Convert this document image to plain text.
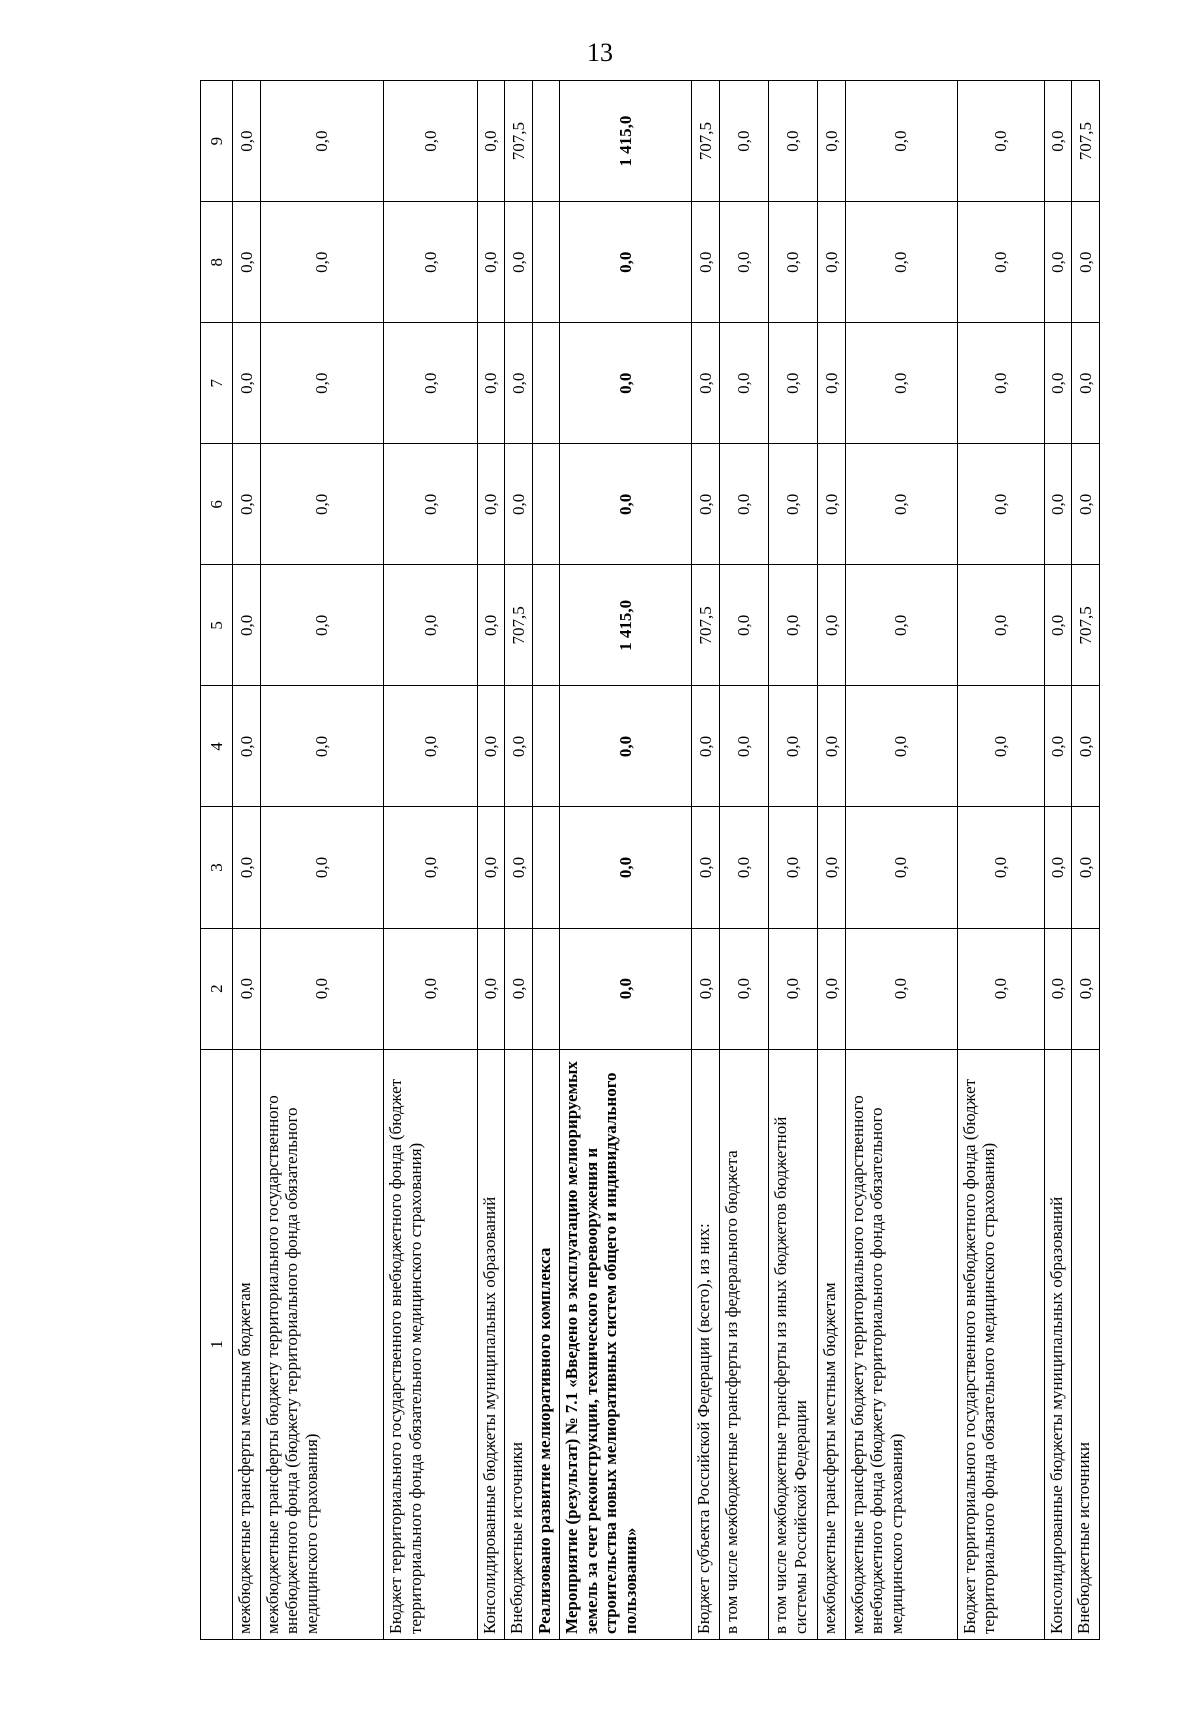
13
1	2	3	4	5	6	7	8	9
межбюджетные трансферты местным бюджетам	0,0	0,0	0,0	0,0	0,0	0,0	0,0	0,0
межбюджетные трансферты бюджету территориального государственного внебюджетного фонда (бюджету территориального фонда обязательного медицинского страхования)	0,0	0,0	0,0	0,0	0,0	0,0	0,0	0,0
Бюджет территориального государственного внебюджетного фонда (бюджет территориального фонда обязательного медицинского страхования)	0,0	0,0	0,0	0,0	0,0	0,0	0,0	0,0
Консолидированные бюджеты муниципальных образований	0,0	0,0	0,0	0,0	0,0	0,0	0,0	0,0
Внебюджетные источники	0,0	0,0	0,0	707,5	0,0	0,0	0,0	707,5
Реализовано развитие мелиоративного комплекса								
Мероприятие (результат) № 7.1 «Введено в эксплуатацию мелиорируемых земель за счет реконструкции, технического перевооружения и строительства новых мелиоративных систем общего и индивидуального пользования»	0,0	0,0	0,0	1 415,0	0,0	0,0	0,0	1 415,0
Бюджет субъекта Российской Федерации (всего), из них:	0,0	0,0	0,0	707,5	0,0	0,0	0,0	707,5
в том числе межбюджетные трансферты из федерального бюджета	0,0	0,0	0,0	0,0	0,0	0,0	0,0	0,0
в том числе межбюджетные трансферты из иных бюджетов бюджетной системы Российской Федерации	0,0	0,0	0,0	0,0	0,0	0,0	0,0	0,0
межбюджетные трансферты местным бюджетам	0,0	0,0	0,0	0,0	0,0	0,0	0,0	0,0
межбюджетные трансферты бюджету территориального государственного внебюджетного фонда (бюджету территориального фонда обязательного медицинского страхования)	0,0	0,0	0,0	0,0	0,0	0,0	0,0	0,0
Бюджет территориального государственного внебюджетного фонда (бюджет территориального фонда обязательного медицинского страхования)	0,0	0,0	0,0	0,0	0,0	0,0	0,0	0,0
Консолидированные бюджеты муниципальных образований	0,0	0,0	0,0	0,0	0,0	0,0	0,0	0,0
Внебюджетные источники	0,0	0,0	0,0	707,5	0,0	0,0	0,0	707,5
